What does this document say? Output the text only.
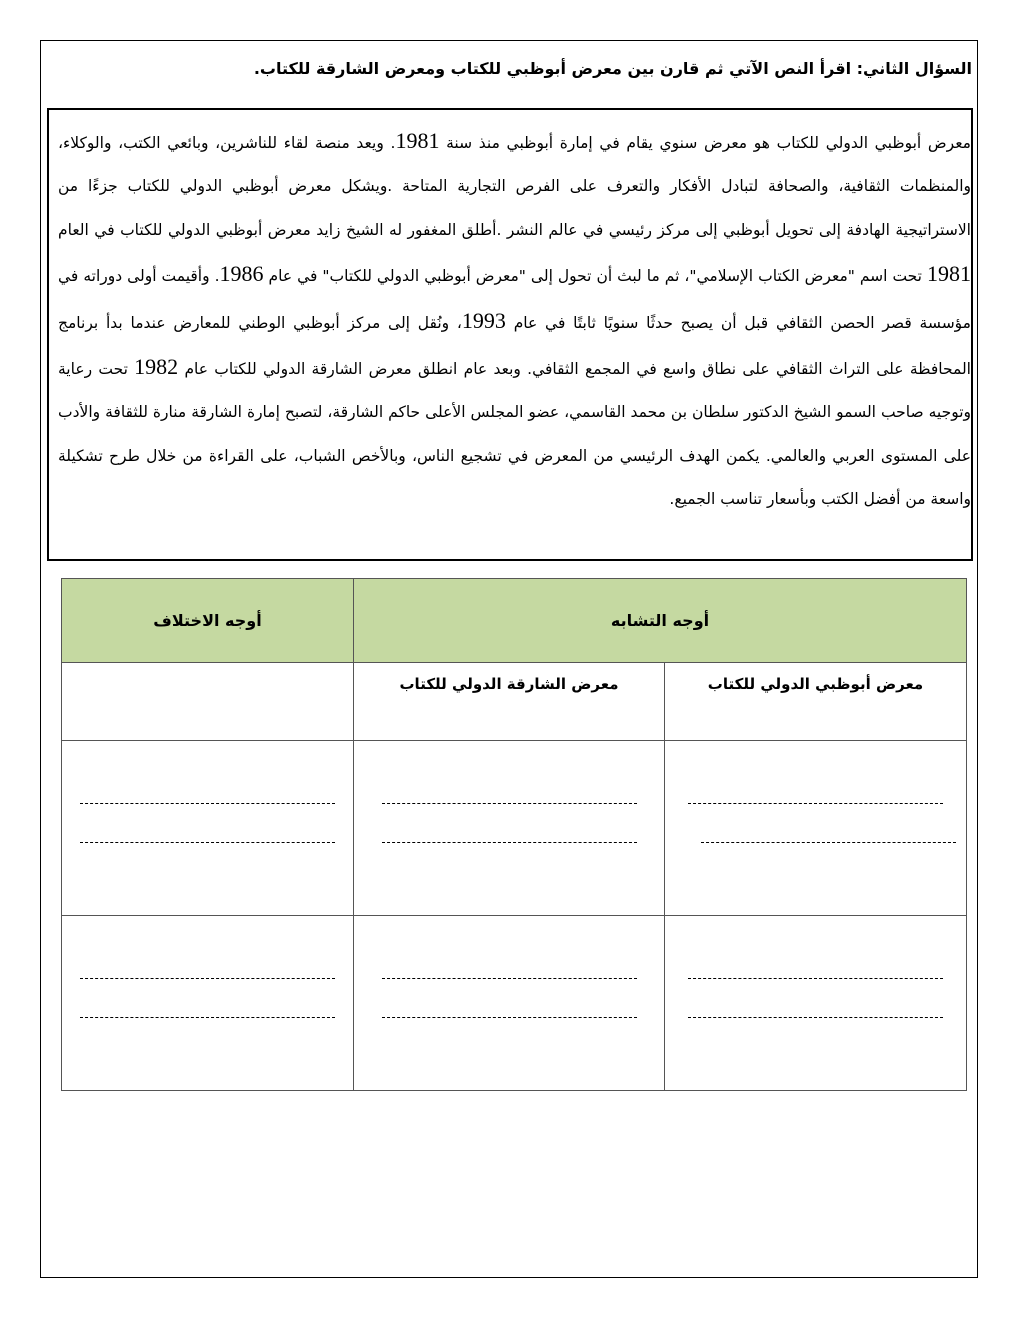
السؤال الثاني: اقرأ النص الآتي ثم قارن بين معرض أبوظبي للكتاب ومعرض الشارقة للكتاب.
معرض أبوظبي الدولي للكتاب هو معرض سنوي يقام في إمارة أبوظبي منذ سنة 1981. ويعد منصة لقاء للناشرين، وبائعي الكتب، والوكلاء، والمنظمات الثقافية، والصحافة لتبادل الأفكار والتعرف على الفرص التجارية المتاحة .ويشكل معرض أبوظبي الدولي للكتاب جزءًا من الاستراتيجية الهادفة إلى تحويل أبوظبي إلى مركز رئيسي في عالم النشر .أطلق المغفور له الشيخ زايد معرض أبوظبي الدولي للكتاب في العام 1981 تحت اسم "معرض الكتاب الإسلامي"، ثم ما لبث أن تحول إلى "معرض أبوظبي الدولي للكتاب" في عام 1986. وأقيمت أولى دوراته في مؤسسة قصر الحصن الثقافي قبل أن يصبح حدثًا سنويًا ثابتًا في عام 1993، ونُقل إلى مركز أبوظبي الوطني للمعارض عندما بدأ برنامج المحافظة على التراث الثقافي على نطاق واسع في المجمع الثقافي. وبعد عام انطلق معرض الشارقة الدولي للكتاب عام 1982 تحت رعاية وتوجيه صاحب السمو الشيخ الدكتور سلطان بن محمد القاسمي، عضو المجلس الأعلى حاكم الشارقة، لتصبح إمارة الشارقة منارة للثقافة والأدب على المستوى العربي والعالمي. يكمن الهدف الرئيسي من المعرض في تشجيع الناس، وبالأخص الشباب، على القراءة من خلال طرح تشكيلة واسعة من أفضل الكتب وبأسعار تناسب الجميع.
أوجه التشابه		أوجه الاختلاف
معرض أبوظبي الدولي للكتاب	معرض الشارقة الدولي للكتاب	
